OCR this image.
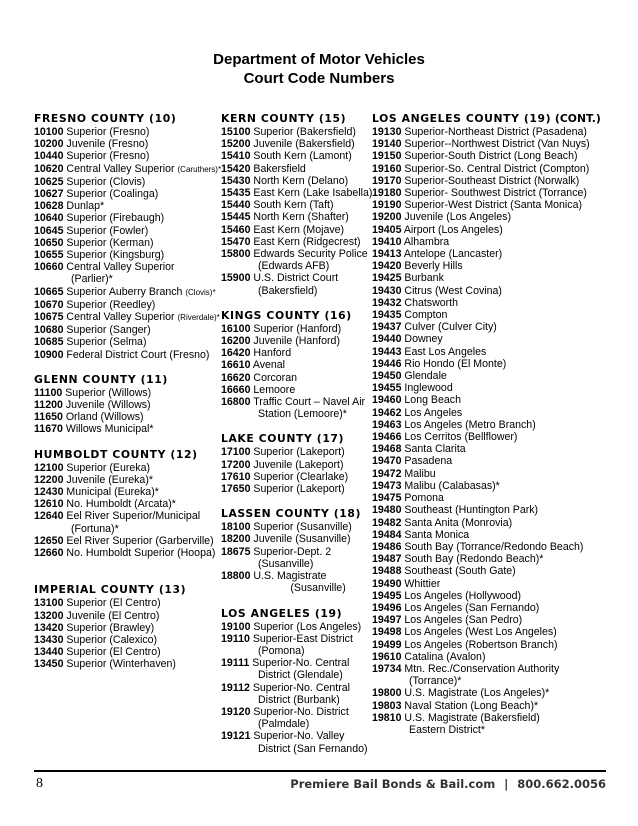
Department of Motor Vehicles
Court Code Numbers
FRESNO COUNTY (10)
10100 Superior (Fresno)
10200 Juvenile (Fresno)
10440 Superior (Fresno)
10620 Central Valley Superior (Caruthers)*
10625 Superior (Clovis)
10627 Superior (Coalinga)
10628 Dunlap*
10640 Superior (Firebaugh)
10645 Superior (Fowler)
10650 Superior (Kerman)
10655 Superior (Kingsburg)
10660 Central Valley Superior
(Parlier)*
10665 Superior Auberry Branch (Clovis)*
10670 Superior (Reedley)
10675 Central Valley Superior (Riverdale)*
10680 Superior (Sanger)
10685 Superior (Selma)
10900 Federal District Court (Fresno)
GLENN COUNTY (11)
11100 Superior (Willows)
11200 Juvenile (Willows)
11650 Orland (Willows)
11670 Willows Municipal*
HUMBOLDT COUNTY (12)
12100 Superior (Eureka)
12200 Juvenile (Eureka)*
12430 Municipal (Eureka)*
12610 No. Humboldt (Arcata)*
12640 Eel River Superior/Municipal
(Fortuna)*
12650 Eel River Superior (Garberville)
12660 No. Humboldt Superior (Hoopa)
IMPERIAL COUNTY (13)
13100 Superior (El Centro)
13200 Juvenile (El Centro)
13420 Superior (Brawley)
13430 Superior (Calexico)
13440 Superior (El Centro)
13450 Superior (Winterhaven)
KERN COUNTY (15)
15100 Superior (Bakersfield)
15200 Juvenile (Bakersfield)
15410 South Kern (Lamont)
15420 Bakersfield
15430 North Kern (Delano)
15435 East Kern (Lake Isabella)
15440 South Kern (Taft)
15445 North Kern (Shafter)
15460 East Kern (Mojave)
15470 East Kern (Ridgecrest)
15800 Edwards Security Police
(Edwards AFB)
15900 U.S. District Court
(Bakersfield)
KINGS COUNTY (16)
16100 Superior (Hanford)
16200 Juvenile (Hanford)
16420 Hanford
16610 Avenal
16620 Corcoran
16660 Lemoore
16800 Traffic Court – Navel Air
Station (Lemoore)*
LAKE COUNTY (17)
17100 Superior (Lakeport)
17200 Juvenile (Lakeport)
17610 Superior (Clearlake)
17650 Superior (Lakeport)
LASSEN COUNTY (18)
18100 Superior (Susanville)
18200 Juvenile (Susanville)
18675 Superior-Dept. 2
(Susanville)
18800 U.S. Magistrate
(Susanville)
LOS ANGELES (19)
19100 Superior (Los Angeles)
19110 Superior-East District
(Pomona)
19111 Superior-No. Central
District (Glendale)
19112 Superior-No. Central
District (Burbank)
19120 Superior-No. District
(Palmdale)
19121 Superior-No. Valley
District (San Fernando)
LOS ANGELES COUNTY (19) (CONT.)
19130 Superior-Northeast District (Pasadena)
19140 Superior--Northwest District (Van Nuys)
19150 Superior-South District (Long Beach)
19160 Superior-So. Central District (Compton)
19170 Superior-Southeast District (Norwalk)
19180 Superior- Southwest District (Torrance)
19190 Superior-West District (Santa Monica)
19200 Juvenile (Los Angeles)
19405 Airport (Los Angeles)
19410 Alhambra
19413 Antelope (Lancaster)
19420 Beverly Hills
19425 Burbank
19430 Citrus (West Covina)
19432 Chatsworth
19435 Compton
19437 Culver (Culver City)
19440 Downey
19443 East Los Angeles
19446 Rio Hondo (El Monte)
19450 Glendale
19455 Inglewood
19460 Long Beach
19462 Los Angeles
19463 Los Angeles (Metro Branch)
19466 Los Cerritos (Bellflower)
19468 Santa Clarita
19470 Pasadena
19472 Malibu
19473 Malibu (Calabasas)*
19475 Pomona
19480 Southeast (Huntington Park)
19482 Santa Anita (Monrovia)
19484 Santa Monica
19486 South Bay (Torrance/Redondo Beach)
19487 South Bay (Redondo Beach)*
19488 Southeast (South Gate)
19490 Whittier
19495 Los Angeles (Hollywood)
19496 Los Angeles (San Fernando)
19497 Los Angeles (San Pedro)
19498 Los Angeles (West Los Angeles)
19499 Los Angeles (Robertson Branch)
19610 Catalina (Avalon)
19734 Mtn. Rec./Conservation Authority
(Torrance)*
19800 U.S. Magistrate (Los Angeles)*
19803 Naval Station (Long Beach)*
19810 U.S. Magistrate (Bakersfield)
Eastern District*
8	Premiere Bail Bonds & Bail.com | 800.662.0056
